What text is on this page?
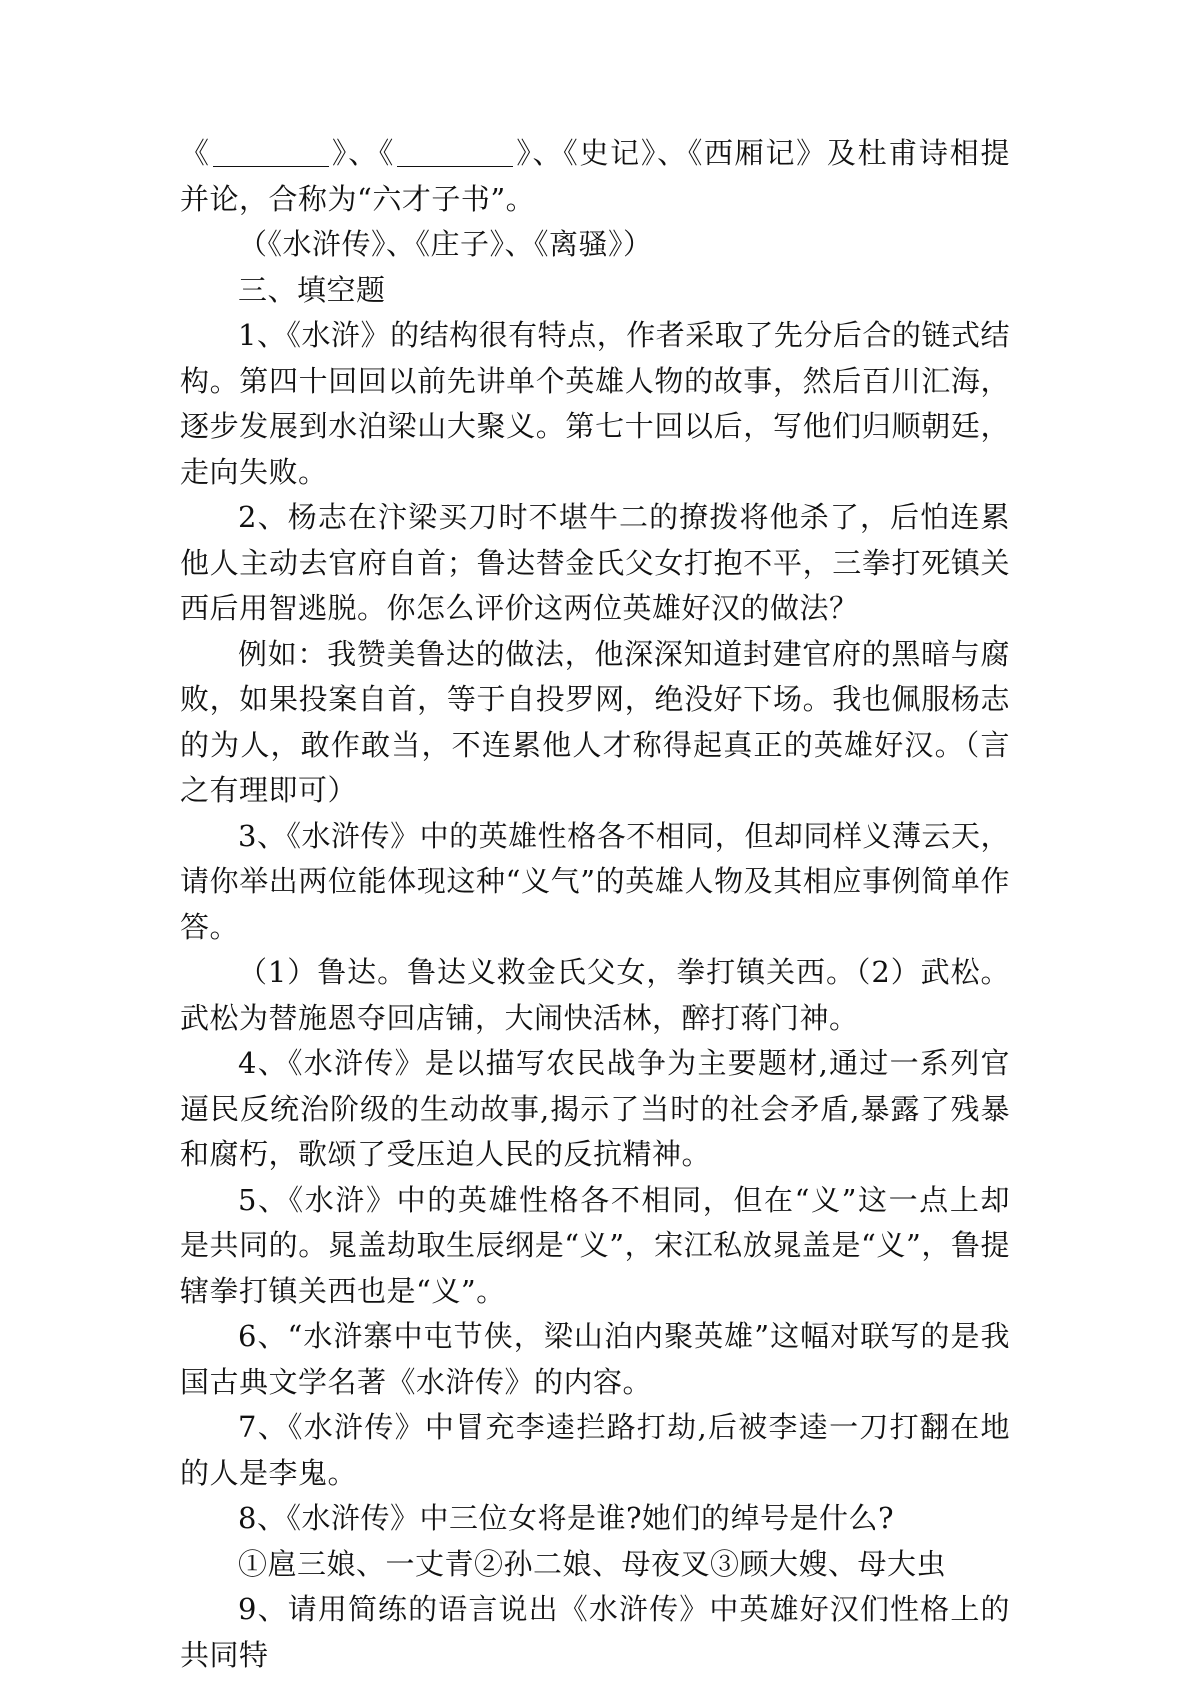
《	》、《	》、《史记》、《西厢记》及杜甫诗相提并论，合称为“六才子书”。

（《水浒传》、《庄子》、《离骚》）

三、填空题

1、《水浒》的结构很有特点，作者采取了先分后合的链式结构。第四十回回以前先讲单个英雄人物的故事，然后百川汇海，逐步发展到水泊梁山大聚义。第七十回以后，写他们归顺朝廷，走向失败。

2、杨志在汴梁买刀时不堪牛二的撩拨将他杀了，后怕连累他人主动去官府自首；鲁达替金氏父女打抱不平，三拳打死镇关西后用智逃脱。你怎么评价这两位英雄好汉的做法？

例如：我赞美鲁达的做法，他深深知道封建官府的黑暗与腐败，如果投案自首，等于自投罗网，绝没好下场。我也佩服杨志的为人，敢作敢当，不连累他人才称得起真正的英雄好汉。（言之有理即可）

3、《水浒传》中的英雄性格各不相同，但却同样义薄云天，请你举出两位能体现这种“义气”的英雄人物及其相应事例简单作答。

（1）鲁达。鲁达义救金氏父女，拳打镇关西。（2）武松。武松为替施恩夺回店铺，大闹快活林，醉打蒋门神。

4、《水浒传》是以描写农民战争为主要题材,通过一系列官逼民反统治阶级的生动故事,揭示了当时的社会矛盾,暴露了残暴和腐朽，歌颂了受压迫人民的反抗精神。

5、《水浒》中的英雄性格各不相同，但在“义”这一点上却是共同的。晁盖劫取生辰纲是“义”，宋江私放晁盖是“义”，鲁提辖拳打镇关西也是“义”。

6、“水浒寨中屯节侠，梁山泊内聚英雄”这幅对联写的是我国古典文学名著《水浒传》的内容。

7、《水浒传》中冒充李逵拦路打劫,后被李逵一刀打翻在地的人是李鬼。

8、《水浒传》中三位女将是谁?她们的绰号是什么?

①扈三娘、一丈青②孙二娘、母夜叉③顾大嫂、母大虫

9、请用简练的语言说出《水浒传》中英雄好汉们性格上的共同特
